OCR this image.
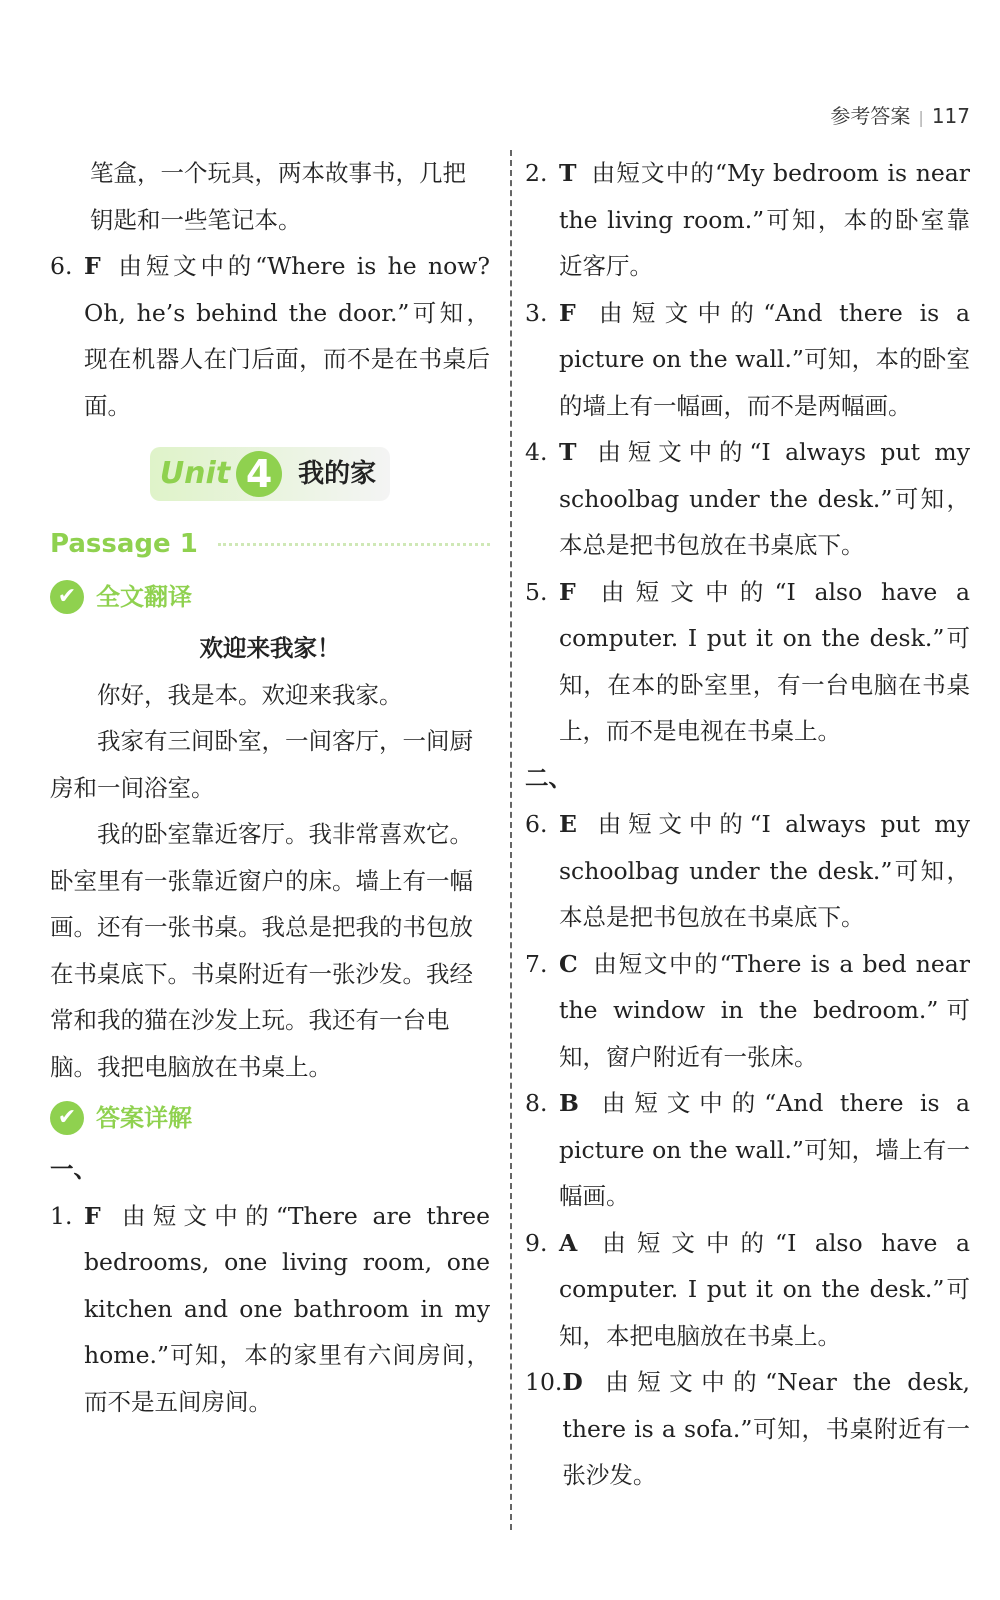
参考答案 | 117
笔盒，一个玩具，两本故事书，几把
钥匙和一些笔记本。
6. F 由短文中的“Where is he now? Oh, he’s behind the door.”可知，现在机器人在门后面，而不是在书桌后面。
Unit 4 我的家
Passage 1
✔ 全文翻译
欢迎来我家！
你好，我是本。欢迎来我家。
我家有三间卧室，一间客厅，一间厨房和一间浴室。
我的卧室靠近客厅。我非常喜欢它。卧室里有一张靠近窗户的床。墙上有一幅画。还有一张书桌。我总是把我的书包放在书桌底下。书桌附近有一张沙发。我经常和我的猫在沙发上玩。我还有一台电脑。我把电脑放在书桌上。
✔ 答案详解
一、
1. F 由短文中的“There are three bedrooms, one living room, one kitchen and one bathroom in my home.”可知，本的家里有六间房间，而不是五间房间。
2. T 由短文中的“My bedroom is near the living room.”可知，本的卧室靠近客厅。
3. F 由短文中的“And there is a picture on the wall.”可知，本的卧室的墙上有一幅画，而不是两幅画。
4. T 由短文中的“I always put my schoolbag under the desk.”可知，本总是把书包放在书桌底下。
5. F 由短文中的“I also have a computer. I put it on the desk.”可知，在本的卧室里，有一台电脑在书桌上，而不是电视在书桌上。
二、
6. E 由短文中的“I always put my schoolbag under the desk.”可知，本总是把书包放在书桌底下。
7. C 由短文中的“There is a bed near the window in the bedroom.”可知，窗户附近有一张床。
8. B 由短文中的“And there is a picture on the wall.”可知，墙上有一幅画。
9. A 由短文中的“I also have a computer. I put it on the desk.”可知，本把电脑放在书桌上。
10. D 由短文中的“Near the desk, there is a sofa.”可知，书桌附近有一张沙发。
